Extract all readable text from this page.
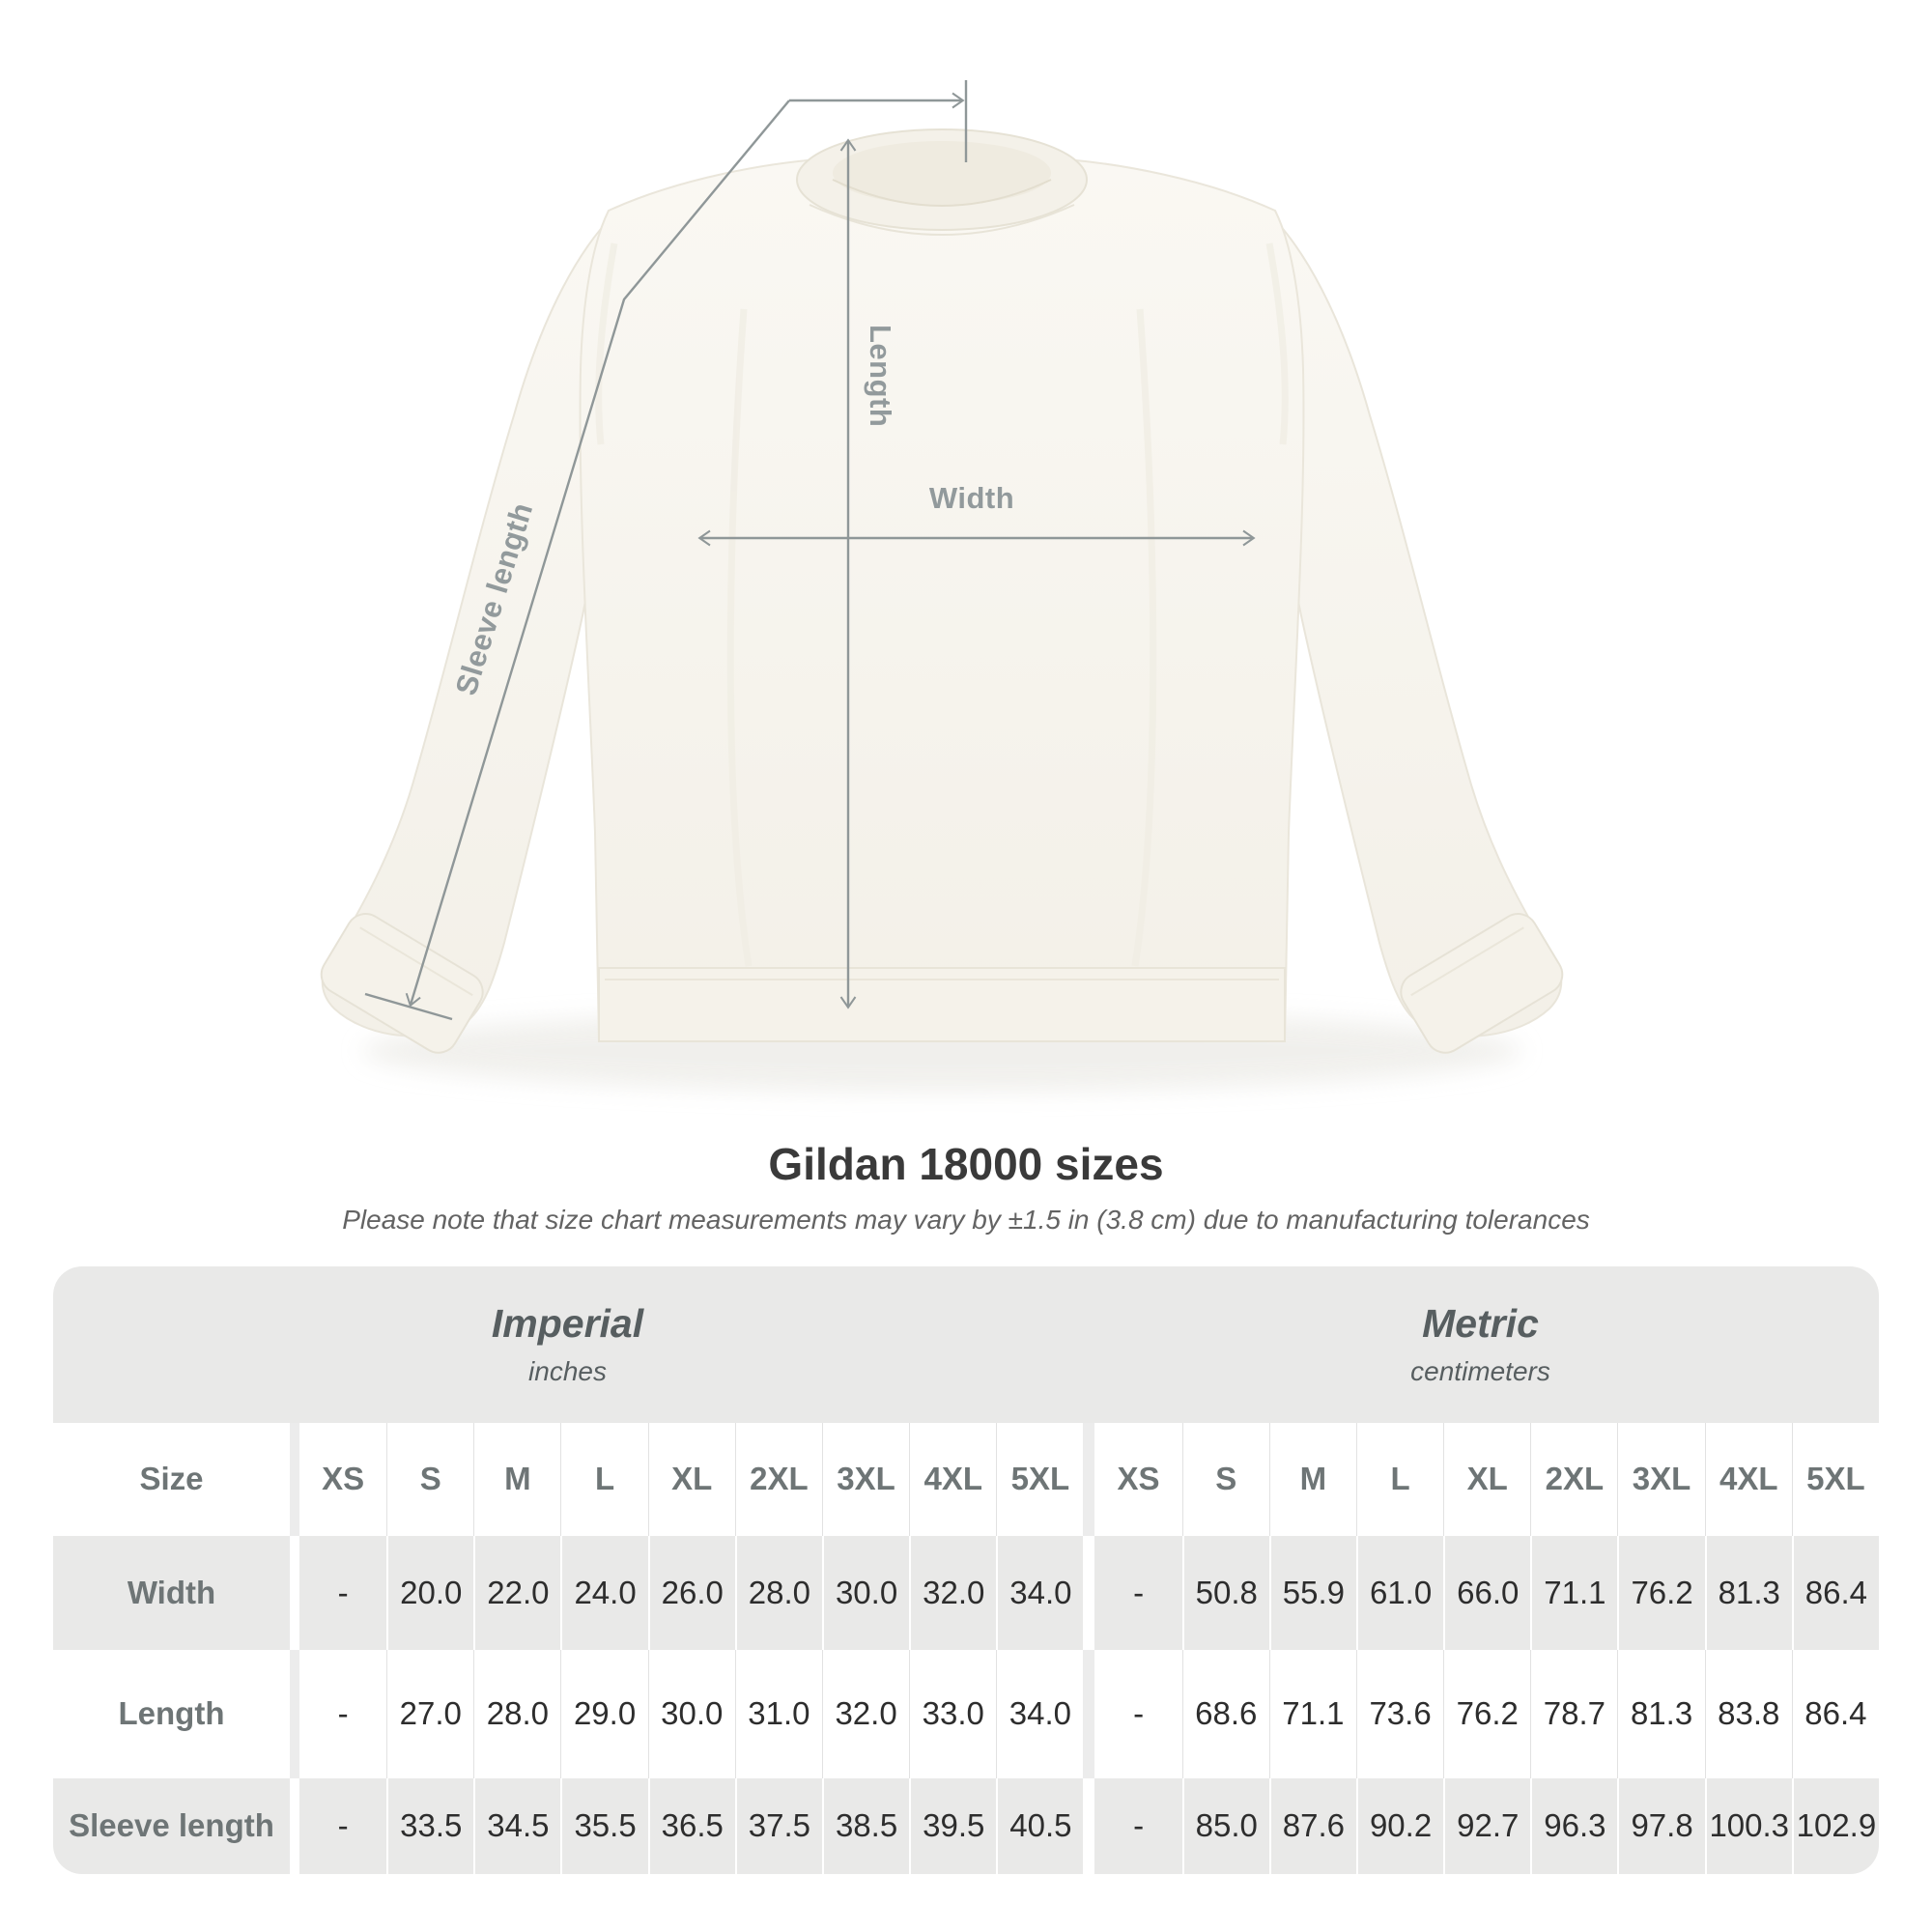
Length
Width
Sleeve length
Gildan 18000 sizes

Please note that size chart measurements may vary by ±1.5 in (3.8 cm) due to manufacturing tolerances

Imperial
inches
Metric
centimeters
Size	XS	S	M	L	XL	2XL 3XL 4XL 5XL	XS	S	M	L	XL	2XL 3XL 4XL 5XL
Width	-	20.0 22.0 24.0 26.0 28.0 30.0 32.0 34.0	-	50.8 55.9 61.0 66.0 71.1 76.2 81.3 86.4
Length	-	27.0 28.0 29.0 30.0 31.0 32.0 33.0 34.0	-	68.6 71.1 73.6 76.2 78.7 81.3 83.8 86.4
Sleeve length	-	33.5 34.5 35.5 36.5 37.5 38.5 39.5 40.5	-	85.0 87.6 90.2 92.7 96.3 97.8 100.3 102.9
